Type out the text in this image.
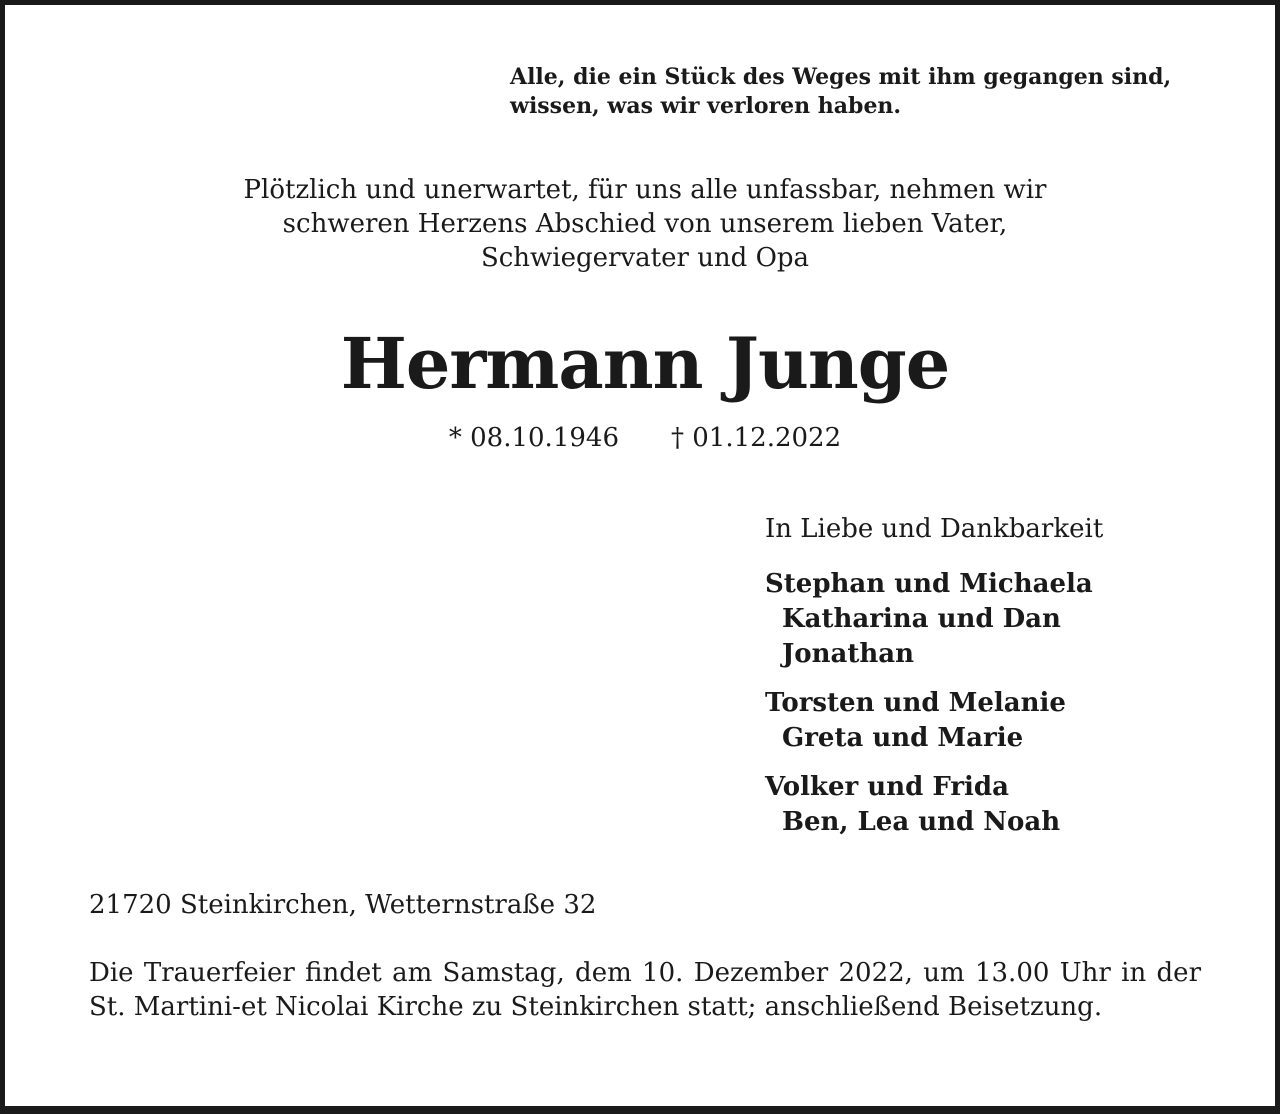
Alle, die ein Stück des Weges mit ihm gegangen sind,
wissen, was wir verloren haben.
Plötzlich und unerwartet, für uns alle unfassbar, nehmen wir
schweren Herzens Abschied von unserem lieben Vater,
Schwiegervater und Opa
Hermann Junge
* 08.10.1946 † 01.12.2022
In Liebe und Dankbarkeit
Stephan und Michaela
Katharina und Dan
Jonathan
Torsten und Melanie
Greta und Marie
Volker und Frida
Ben, Lea und Noah
21720 Steinkirchen, Wetternstraße 32

Die Trauerfeier findet am Samstag, dem 10. Dezember 2022, um 13.00 Uhr in der St. Martini-et Nicolai Kirche zu Steinkirchen statt; anschließend Beisetzung.
